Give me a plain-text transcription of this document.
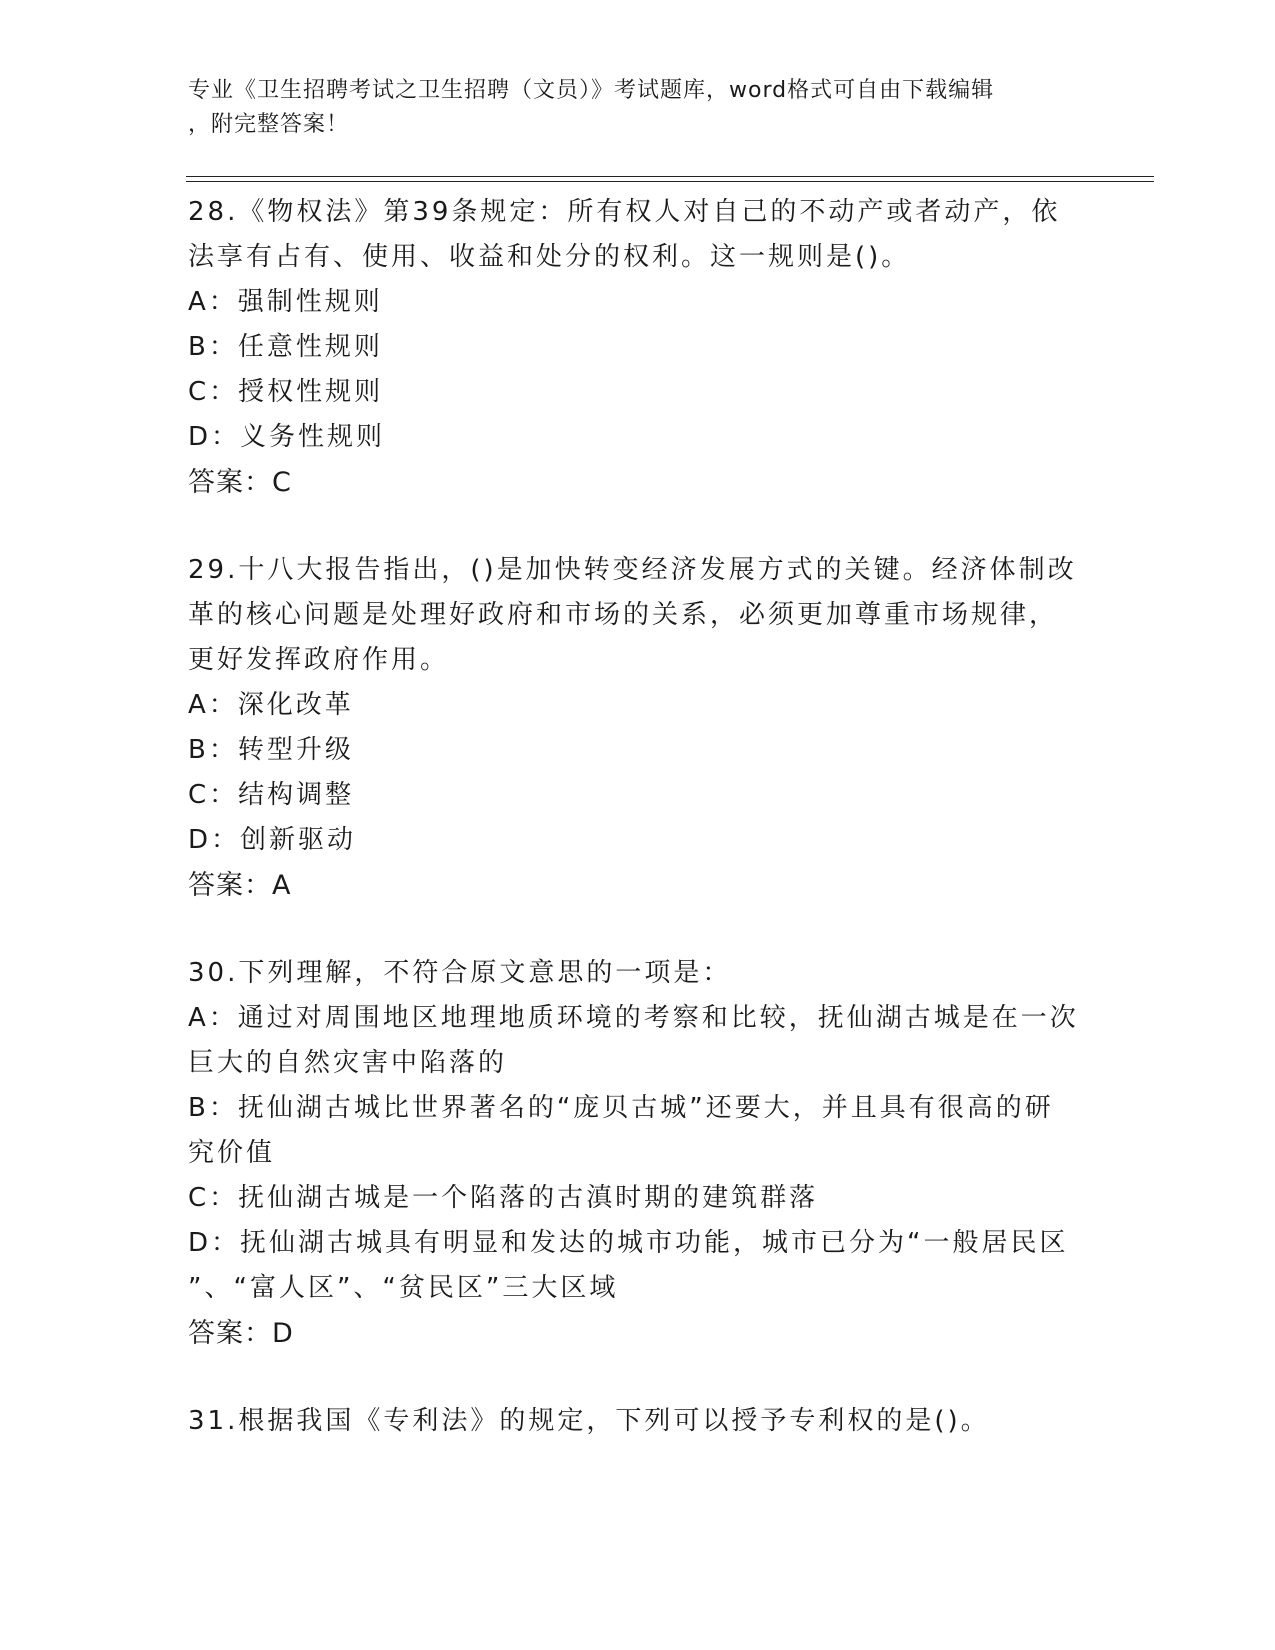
专业《卫生招聘考试之卫生招聘（文员）》考试题库，word格式可自由下载编辑
，附完整答案！
28.《物权法》第39条规定：所有权人对自己的不动产或者动产，依
法享有占有、使用、收益和处分的权利。这一规则是()。
A：强制性规则
B：任意性规则
C：授权性规则
D：义务性规则
答案：C
29.十八大报告指出，()是加快转变经济发展方式的关键。经济体制改
革的核心问题是处理好政府和市场的关系，必须更加尊重市场规律，
更好发挥政府作用。
A：深化改革
B：转型升级
C：结构调整
D：创新驱动
答案：A
30.下列理解，不符合原文意思的一项是：
A：通过对周围地区地理地质环境的考察和比较，抚仙湖古城是在一次
巨大的自然灾害中陷落的
B：抚仙湖古城比世界著名的“庞贝古城”还要大，并且具有很高的研
究价值
C：抚仙湖古城是一个陷落的古滇时期的建筑群落
D：抚仙湖古城具有明显和发达的城市功能，城市已分为“一般居民区
”、“富人区”、“贫民区”三大区域
答案：D
31.根据我国《专利法》的规定，下列可以授予专利权的是()。
